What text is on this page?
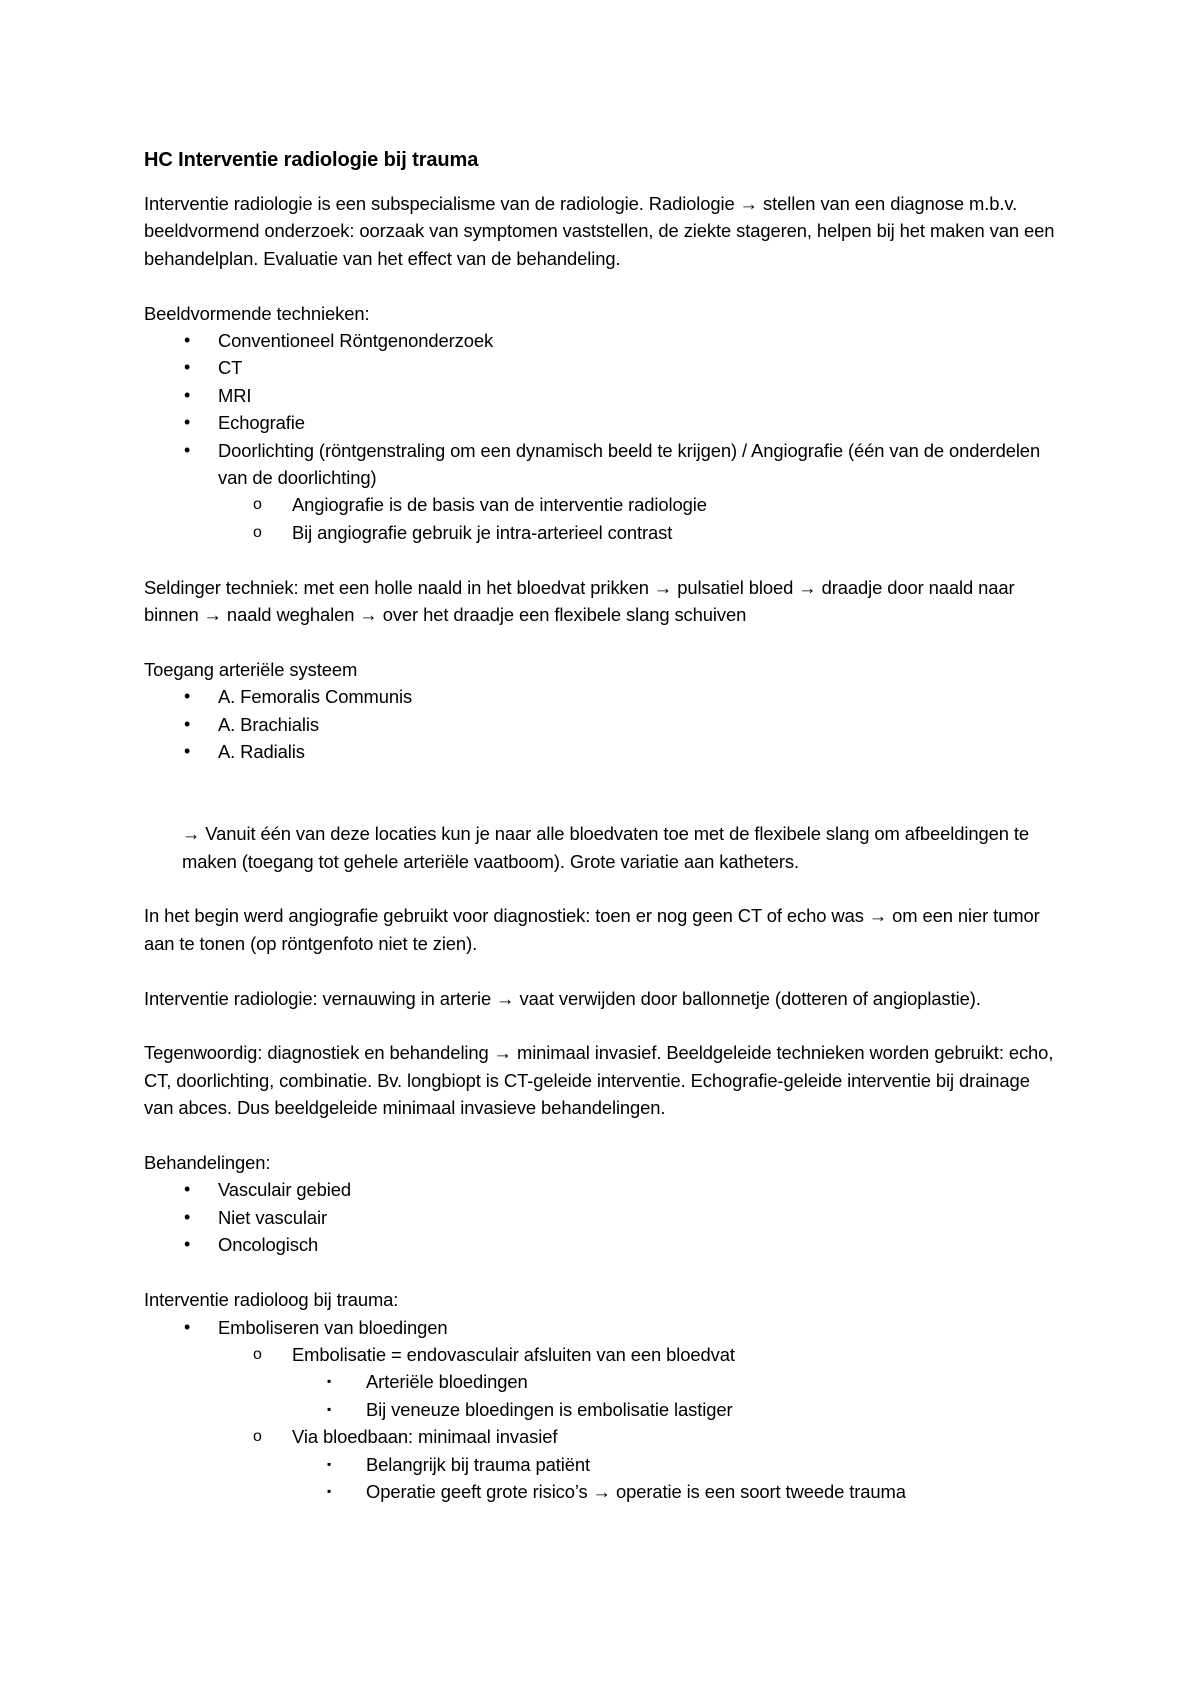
HC Interventie radiologie bij trauma

Interventie radiologie is een subspecialisme van de radiologie. Radiologie → stellen van een diagnose m.b.v. beeldvormend onderzoek: oorzaak van symptomen vaststellen, de ziekte stageren, helpen bij het maken van een behandelplan. Evaluatie van het effect van de behandeling.

Beeldvormende technieken:
• Conventioneel Röntgenonderzoek
• CT
• MRI
• Echografie
• Doorlichting (röntgenstraling om een dynamisch beeld te krijgen) / Angiografie (één van de onderdelen van de doorlichting)
o Angiografie is de basis van de interventie radiologie
o Bij angiografie gebruik je intra-arterieel contrast

Seldinger techniek: met een holle naald in het bloedvat prikken → pulsatiel bloed → draadje door naald naar binnen → naald weghalen → over het draadje een flexibele slang schuiven

Toegang arteriële systeem
• A. Femoralis Communis
• A. Brachialis
• A. Radialis

→ Vanuit één van deze locaties kun je naar alle bloedvaten toe met de flexibele slang om afbeeldingen te maken (toegang tot gehele arteriële vaatboom). Grote variatie aan katheters.

In het begin werd angiografie gebruikt voor diagnostiek: toen er nog geen CT of echo was → om een nier tumor aan te tonen (op röntgenfoto niet te zien).

Interventie radiologie: vernauwing in arterie → vaat verwijden door ballonnetje (dotteren of angioplastie).

Tegenwoordig: diagnostiek en behandeling → minimaal invasief. Beeldgeleide technieken worden gebruikt: echo, CT, doorlichting, combinatie. Bv. longbiopt is CT-geleide interventie. Echografie-geleide interventie bij drainage van abces. Dus beeldgeleide minimaal invasieve behandelingen.

Behandelingen:
• Vasculair gebied
• Niet vasculair
• Oncologisch
Interventie radioloog bij trauma:
• Emboliseren van bloedingen
o Embolisatie = endovasculair afsluiten van een bloedvat
▪ Arteriële bloedingen
▪ Bij veneuze bloedingen is embolisatie lastiger
o Via bloedbaan: minimaal invasief
▪ Belangrijk bij trauma patiënt
▪ Operatie geeft grote risico’s → operatie is een soort tweede trauma
